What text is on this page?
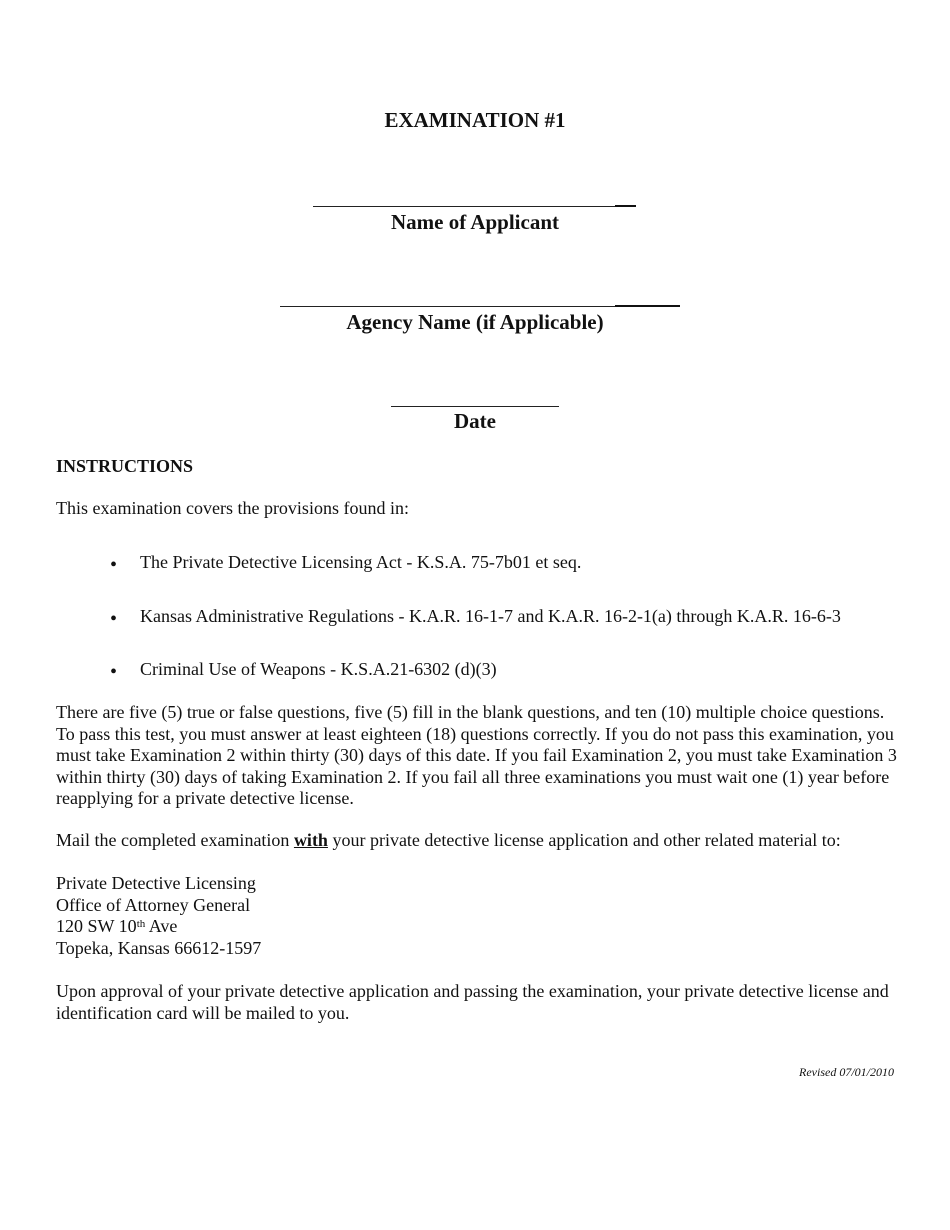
EXAMINATION #1
Name of Applicant
Agency Name (if Applicable)
Date
INSTRUCTIONS
This examination covers the provisions found in:
• The Private Detective Licensing Act - K.S.A. 75-7b01 et seq.
• Kansas Administrative Regulations - K.A.R. 16-1-7 and K.A.R. 16-2-1(a) through K.A.R. 16-6-3
• Criminal Use of Weapons - K.S.A.21-6302 (d)(3)
There are five (5) true or false questions, five (5) fill in the blank questions, and ten (10) multiple choice questions. To pass this test, you must answer at least eighteen (18) questions correctly. If you do not pass this examination, you must take Examination 2 within thirty (30) days of this date. If you fail Examination 2, you must take Examination 3 within thirty (30) days of taking Examination 2. If you fail all three examinations you must wait one (1) year before reapplying for a private detective license.
Mail the completed examination with your private detective license application and other related material to:
Private Detective Licensing
Office of Attorney General
120 SW 10th Ave
Topeka, Kansas 66612-1597
Upon approval of your private detective application and passing the examination, your private detective license and identification card will be mailed to you.
Revised 07/01/2010
